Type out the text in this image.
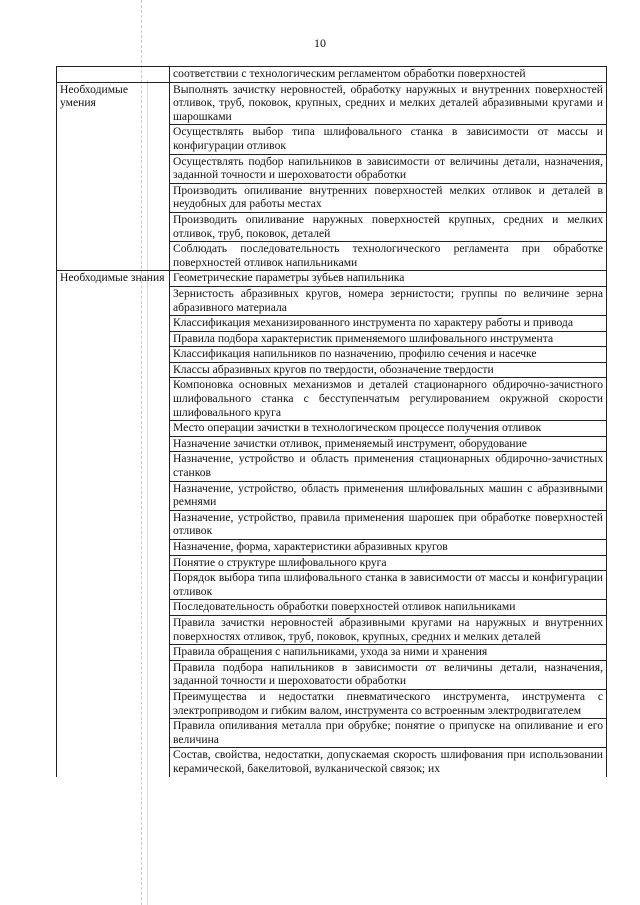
10
	соответствии с технологическим регламентом обработки поверхностей
Необходимые умения	Выполнять зачистку неровностей, обработку наружных и внутренних поверхностей отливок, труб, поковок, крупных, средних и мелких деталей абразивными кругами и шарошками
	Осуществлять выбор типа шлифовального станка в зависимости от массы и конфигурации отливок
	Осуществлять подбор напильников в зависимости от величины детали, назначения, заданной точности и шероховатости обработки
	Производить опиливание внутренних поверхностей мелких отливок и деталей в неудобных для работы местах
	Производить опиливание наружных поверхностей крупных, средних и мелких отливок, труб, поковок, деталей
	Соблюдать последовательность технологического регламента при обработке поверхностей отливок напильниками
Необходимые знания	Геометрические параметры зубьев напильника
	Зернистость абразивных кругов, номера зернистости; группы по величине зерна абразивного материала
	Классификация механизированного инструмента по характеру работы и привода
	Правила подбора характеристик применяемого шлифовального инструмента
	Классификация напильников по назначению, профилю сечения и насечке
	Классы абразивных кругов по твердости, обозначение твердости
	Компоновка основных механизмов и деталей стационарного обдирочно-зачистного шлифовального станка с бесступенчатым регулированием окружной скорости шлифовального круга
	Место операции зачистки в технологическом процессе получения отливок
	Назначение зачистки отливок, применяемый инструмент, оборудование
	Назначение, устройство и область применения стационарных обдирочно-зачистных станков
	Назначение, устройство, область применения шлифовальных машин с абразивными ремнями
	Назначение, устройство, правила применения шарошек при обработке поверхностей отливок
	Назначение, форма, характеристики абразивных кругов
	Понятие о структуре шлифовального круга
	Порядок выбора типа шлифовального станка в зависимости от массы и конфигурации отливок
	Последовательность обработки поверхностей отливок напильниками
	Правила зачистки неровностей абразивными кругами на наружных и внутренних поверхностях отливок, труб, поковок, крупных, средних и мелких деталей
	Правила обращения с напильниками, ухода за ними и хранения
	Правила подбора напильников в зависимости от величины детали, назначения, заданной точности и шероховатости обработки
	Преимущества и недостатки пневматического инструмента, инструмента с электроприводом и гибким валом, инструмента со встроенным электродвигателем
	Правила опиливания металла при обрубке; понятие о припуске на опиливание и его величина
	Состав, свойства, недостатки, допускаемая скорость шлифования при использовании керамической, бакелитовой, вулканической связок; их
